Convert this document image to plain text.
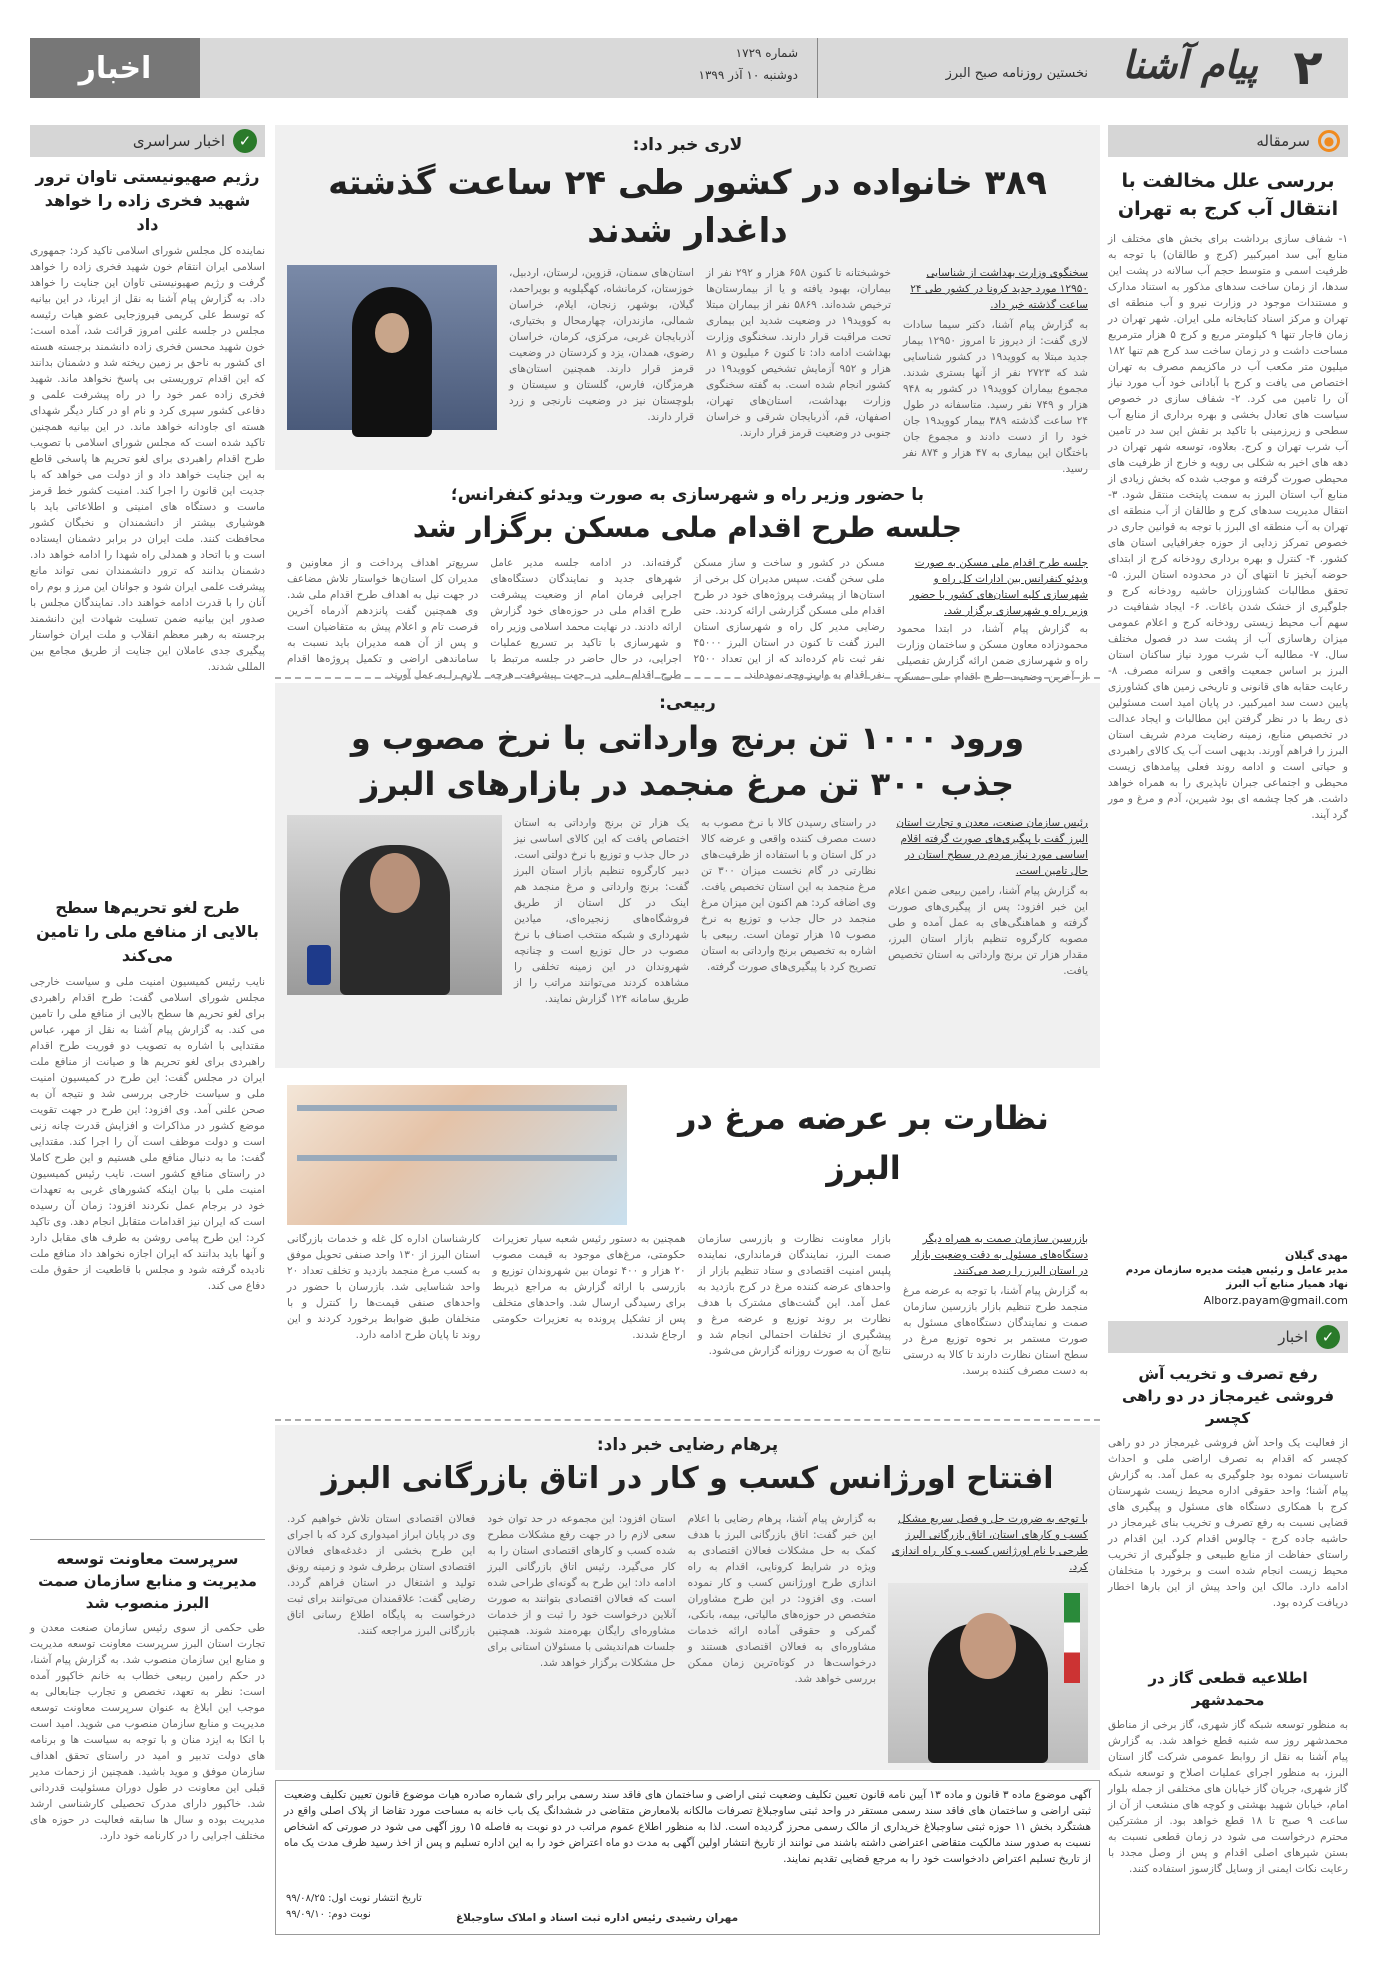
۲
پیام آشنا
نخستین روزنامه صبح البرز
شماره ۱۷۲۹
دوشنبه ۱۰ آذر ۱۳۹۹
اخبار
●
سرمقاله
بررسی علل مخالفت با انتقال آب کرج به تهران
۱- شفاف سازی برداشت برای بخش های مختلف از منابع آبی سد امیرکبیر (کرج و طالقان) با توجه به ظرفیت اسمی و متوسط حجم آب سالانه در پشت این سدها، از زمان ساخت سدهای مذکور به استناد مدارک و مستندات موجود در وزارت نیرو و آب منطقه ای تهران و مرکز اسناد کتابخانه ملی ایران. شهر تهران در زمان فاجار تنها ۹ کیلومتر مربع و کرج ۵ هزار مترمربع مساحت داشت و در زمان ساخت سد کرج هم تنها ۱۸۲ میلیون متر مکعب آب در ماکزیمم مصرف به تهران اختصاص می یافت و کرج با آبادانی خود آب مورد نیاز آن را تامین می کرد. ۲- شفاف سازی در خصوص سیاست های تعادل بخشی و بهره برداری از منابع آب سطحی و زیرزمینی با تاکید بر نقش این سد در تامین آب شرب تهران و کرج. بعلاوه، توسعه شهر تهران در دهه های اخیر به شکلی بی رویه و خارج از ظرفیت های محیطی صورت گرفته و موجب شده که بخش زیادی از منابع آب استان البرز به سمت پایتخت منتقل شود. ۳- انتقال مدیریت سدهای کرج و طالقان از آب منطقه ای تهران به آب منطقه ای البرز با توجه به قوانین جاری در خصوص تمرکز زدایی از حوزه جغرافیایی استان های کشور. ۴- کنترل و بهره برداری رودخانه کرج از ابتدای حوضه آبخیز تا انتهای آن در محدوده استان البرز. ۵- تحقق مطالبات کشاورزان حاشیه رودخانه کرج و جلوگیری از خشک شدن باغات. ۶- ایجاد شفافیت در سهم آب محیط زیستی رودخانه کرج و اعلام عمومی میزان رهاسازی آب از پشت سد در فصول مختلف سال. ۷- مطالبه آب شرب مورد نیاز ساکنان استان البرز بر اساس جمعیت واقعی و سرانه مصرف. ۸- رعایت حقابه های قانونی و تاریخی زمین های کشاورزی پایین دست سد امیرکبیر. در پایان امید است مسئولین ذی ربط با در نظر گرفتن این مطالبات و ایجاد عدالت در تخصیص منابع، زمینه رضایت مردم شریف استان البرز را فراهم آورند. بدیهی است آب یک کالای راهبردی و حیاتی است و ادامه روند فعلی پیامدهای زیست محیطی و اجتماعی جبران ناپذیری را به همراه خواهد داشت. هر کجا چشمه ای بود شیرین، آدم و مرغ و مور گرد آیند.
مهدی گیلان
مدیر عامل و رئیس هیئت مدیره سازمان مردم نهاد همیار منابع آب البرز
Alborz.payam@gmail.com
✓
اخبار
رفع تصرف و تخریب آش فروشی غیرمجاز در دو راهی کچسر
از فعالیت یک واحد آش فروشی غیرمجاز در دو راهی کچسر که اقدام به تصرف اراضی ملی و احداث تاسیسات نموده بود جلوگیری به عمل آمد. به گزارش پیام آشنا؛ واحد حقوقی اداره محیط زیست شهرستان کرج با همکاری دستگاه های مسئول و پیگیری های قضایی نسبت به رفع تصرف و تخریب بنای غیرمجاز در حاشیه جاده کرج - چالوس اقدام کرد. این اقدام در راستای حفاظت از منابع طبیعی و جلوگیری از تخریب محیط زیست انجام شده است و برخورد با متخلفان ادامه دارد. مالک این واحد پیش از این بارها اخطار دریافت کرده بود.
اطلاعیه قطعی گاز در محمدشهر
به منظور توسعه شبکه گاز شهری، گاز برخی از مناطق محمدشهر روز سه شنبه قطع خواهد شد. به گزارش پیام آشنا به نقل از روابط عمومی شرکت گاز استان البرز، به منظور اجرای عملیات اصلاح و توسعه شبکه گاز شهری، جریان گاز خیابان های مختلفی از جمله بلوار امام، خیابان شهید بهشتی و کوچه های منشعب از آن از ساعت ۹ صبح تا ۱۸ قطع خواهد بود. از مشترکین محترم درخواست می شود در زمان قطعی نسبت به بستن شیرهای اصلی اقدام و پس از وصل مجدد با رعایت نکات ایمنی از وسایل گازسوز استفاده کنند.
✓
اخبار سراسری
رژیم صهیونیستی تاوان ترور شهید فخری زاده را خواهد داد
نماینده کل مجلس شورای اسلامی تاکید کرد: جمهوری اسلامی ایران انتقام خون شهید فخری زاده را خواهد گرفت و رژیم صهیونیستی تاوان این جنایت را خواهد داد. به گزارش پیام آشنا به نقل از ایرنا، در این بیانیه که توسط علی کریمی فیروزجایی عضو هیات رئیسه مجلس در جلسه علنی امروز قرائت شد، آمده است: خون شهید محسن فخری زاده دانشمند برجسته هسته ای کشور به ناحق بر زمین ریخته شد و دشمنان بدانند که این اقدام تروریستی بی پاسخ نخواهد ماند. شهید فخری زاده عمر خود را در راه پیشرفت علمی و دفاعی کشور سپری کرد و نام او در کنار دیگر شهدای هسته ای جاودانه خواهد ماند. در این بیانیه همچنین تاکید شده است که مجلس شورای اسلامی با تصویب طرح اقدام راهبردی برای لغو تحریم ها پاسخی قاطع به این جنایت خواهد داد و از دولت می خواهد که با جدیت این قانون را اجرا کند. امنیت کشور خط قرمز ماست و دستگاه های امنیتی و اطلاعاتی باید با هوشیاری بیشتر از دانشمندان و نخبگان کشور محافظت کنند. ملت ایران در برابر دشمنان ایستاده است و با اتحاد و همدلی راه شهدا را ادامه خواهد داد. دشمنان بدانند که ترور دانشمندان نمی تواند مانع پیشرفت علمی ایران شود و جوانان این مرز و بوم راه آنان را با قدرت ادامه خواهند داد. نمایندگان مجلس با صدور این بیانیه ضمن تسلیت شهادت این دانشمند برجسته به رهبر معظم انقلاب و ملت ایران خواستار پیگیری جدی عاملان این جنایت از طریق مجامع بین المللی شدند.
طرح لغو تحریم‌ها سطح بالایی از منافع ملی را تامین می‌کند
نایب رئیس کمیسیون امنیت ملی و سیاست خارجی مجلس شورای اسلامی گفت: طرح اقدام راهبردی برای لغو تحریم ها سطح بالایی از منافع ملی را تامین می کند. به گزارش پیام آشنا به نقل از مهر، عباس مقتدایی با اشاره به تصویب دو فوریت طرح اقدام راهبردی برای لغو تحریم ها و صیانت از منافع ملت ایران در مجلس گفت: این طرح در کمیسیون امنیت ملی و سیاست خارجی بررسی شد و نتیجه آن به صحن علنی آمد. وی افزود: این طرح در جهت تقویت موضع کشور در مذاکرات و افزایش قدرت چانه زنی است و دولت موظف است آن را اجرا کند. مقتدایی گفت: ما به دنبال منافع ملی هستیم و این طرح کاملا در راستای منافع کشور است. نایب رئیس کمیسیون امنیت ملی با بیان اینکه کشورهای غربی به تعهدات خود در برجام عمل نکردند افزود: زمان آن رسیده است که ایران نیز اقدامات متقابل انجام دهد. وی تاکید کرد: این طرح پیامی روشن به طرف های مقابل دارد و آنها باید بدانند که ایران اجازه نخواهد داد منافع ملت نادیده گرفته شود و مجلس با قاطعیت از حقوق ملت دفاع می کند.
سرپرست معاونت توسعه مدیریت و منابع سازمان صمت البرز منصوب شد
طی حکمی از سوی رئیس سازمان صنعت معدن و تجارت استان البرز سرپرست معاونت توسعه مدیریت و منابع این سازمان منصوب شد. به گزارش پیام آشنا، در حکم رامین ربیعی خطاب به خانم خاکپور آمده است: نظر به تعهد، تخصص و تجارب جنابعالی به موجب این ابلاغ به عنوان سرپرست معاونت توسعه مدیریت و منابع سازمان منصوب می شوید. امید است با اتکا به ایزد منان و با توجه به سیاست ها و برنامه های دولت تدبیر و امید در راستای تحقق اهداف سازمان موفق و موید باشید. همچنین از زحمات مدیر قبلی این معاونت در طول دوران مسئولیت قدردانی شد. خاکپور دارای مدرک تحصیلی کارشناسی ارشد مدیریت بوده و سال ها سابقه فعالیت در حوزه های مختلف اجرایی را در کارنامه خود دارد.
لاری خبر داد:
۳۸۹ خانواده در کشور طی ۲۴ ساعت گذشته داغدار شدند
سخنگوی وزارت بهداشت از شناسایی ۱۲۹۵۰ مورد جدید کرونا در کشور طی ۲۴ ساعت گذشته خبر داد.
به گزارش پیام آشنا، دکتر سیما سادات لاری گفت: از دیروز تا امروز ۱۲۹۵۰ بیمار جدید مبتلا به کووید۱۹ در کشور شناسایی شد که ۲۷۲۳ نفر از آنها بستری شدند. مجموع بیماران کووید۱۹ در کشور به ۹۴۸ هزار و ۷۴۹ نفر رسید. متاسفانه در طول ۲۴ ساعت گذشته ۳۸۹ بیمار کووید۱۹ جان خود را از دست دادند و مجموع جان باختگان این بیماری به ۴۷ هزار و ۸۷۴ نفر رسید.
خوشبختانه تا کنون ۶۵۸ هزار و ۲۹۲ نفر از بیماران، بهبود یافته و یا از بیمارستان‌ها ترخیص شده‌اند. ۵۸۶۹ نفر از بیماران مبتلا به کووید۱۹ در وضعیت شدید این بیماری تحت مراقبت قرار دارند. سخنگوی وزارت بهداشت ادامه داد: تا کنون ۶ میلیون و ۸۱ هزار و ۹۵۲ آزمایش تشخیص کووید۱۹ در کشور انجام شده است. به گفته سخنگوی وزارت بهداشت، استان‌های تهران، اصفهان، قم، آذربایجان شرقی و خراسان جنوبی در وضعیت قرمز قرار دارند.
استان‌های سمنان، قزوین، لرستان، اردبیل، خوزستان، کرمانشاه، کهگیلویه و بویراحمد، گیلان، بوشهر، زنجان، ایلام، خراسان شمالی، مازندران، چهارمحال و بختیاری، آذربایجان غربی، مرکزی، کرمان، خراسان رضوی، همدان، یزد و کردستان در وضعیت قرمز قرار دارند. همچنین استان‌های هرمزگان، فارس، گلستان و سیستان و بلوچستان نیز در وضعیت نارنجی و زرد قرار دارند.
با حضور وزیر راه و شهرسازی به صورت ویدئو کنفرانس؛
جلسه طرح اقدام ملی مسکن برگزار شد
جلسه طرح اقدام ملی مسکن به صورت ویدئو کنفرانس بین ادارات کل راه و شهرسازی کلیه استان‌های کشور با حضور وزیر راه و شهرسازی برگزار شد.
به گزارش پیام آشنا، در ابتدا محمود محمودزاده معاون مسکن و ساختمان وزارت راه و شهرسازی ضمن ارائه گزارش تفصیلی از آخرین وضعیت طرح اقدام ملی مسکن
مسکن در کشور و ساخت و ساز مسکن ملی سخن گفت. سپس مدیران کل برخی از استان‌ها از پیشرفت پروژه‌های خود در طرح اقدام ملی مسکن گزارشی ارائه کردند. حتی رضایی مدیر کل راه و شهرسازی استان البرز گفت تا کنون در استان البرز ۴۵۰۰۰ نفر ثبت نام کرده‌اند که از این تعداد ۲۵۰۰ نفر اقدام به واریز وجه نموده‌اند.
گرفته‌اند. در ادامه جلسه مدیر عامل شهرهای جدید و نمایندگان دستگاه‌های اجرایی فرمان امام از وضعیت پیشرفت طرح اقدام ملی در حوزه‌های خود گزارش ارائه دادند. در نهایت محمد اسلامی وزیر راه و شهرسازی با تاکید بر تسریع عملیات اجرایی، در حال حاضر در جلسه مرتبط با طرح اقدام ملی در جهت پیشرفت هرچه
سریع‌تر اهداف پرداخت و از معاونین و مدیران کل استان‌ها خواستار تلاش مضاعف در جهت نیل به اهداف طرح اقدام ملی شد. وی همچنین گفت پانزدهم آذرماه آخرین فرصت تام و اعلام پیش به متقاضیان است و پس از آن همه مدیران باید نسبت به ساماندهی اراضی و تکمیل پروژه‌ها اقدام لازم را به عمل آورند.
ربیعی:
ورود ۱۰۰۰ تن برنج وارداتی با نرخ مصوب و جذب ۳۰۰ تن مرغ منجمد در بازارهای البرز
رئیس سازمان صنعت، معدن و تجارت استان البرز گفت با پیگیری‌های صورت گرفته اقلام اساسی مورد نیاز مردم در سطح استان در حال تامین است.
به گزارش پیام آشنا، رامین ربیعی ضمن اعلام این خبر افزود: پس از پیگیری‌های صورت گرفته و هماهنگی‌های به عمل آمده و طی مصوبه کارگروه تنظیم بازار استان البرز، مقدار هزار تن برنج وارداتی به استان تخصیص یافت.
در راستای رسیدن کالا با نرخ مصوب به دست مصرف کننده واقعی و عرضه کالا در کل استان و با استفاده از ظرفیت‌های نظارتی در گام نخست میزان ۳۰۰ تن مرغ منجمد به این استان تخصیص یافت. وی اضافه کرد: هم اکنون این میزان مرغ منجمد در حال جذب و توزیع به نرخ مصوب ۱۵ هزار تومان است. ربیعی با اشاره به تخصیص برنج وارداتی به استان تصریح کرد با پیگیری‌های صورت گرفته.
یک هزار تن برنج وارداتی به استان اختصاص یافت که این کالای اساسی نیز در حال جذب و توزیع با نرخ دولتی است. دبیر کارگروه تنظیم بازار استان البرز گفت: برنج وارداتی و مرغ منجمد هم اینک در کل استان از طریق فروشگاه‌های زنجیره‌ای، میادین شهرداری و شبکه منتخب اصناف با نرخ مصوب در حال توزیع است و چنانچه شهروندان در این زمینه تخلفی را مشاهده کردند می‌توانند مراتب را از طریق سامانه ۱۲۴ گزارش نمایند.
نظارت بر عرضه مرغ در البرز
بازرسین سازمان صمت به همراه دیگر دستگاه‌های مسئول به دقت وضعیت بازار در استان البرز را رصد می‌کنند.
به گزارش پیام آشنا، با توجه به عرضه مرغ منجمد طرح تنظیم بازار بازرسین سازمان صمت و نمایندگان دستگاه‌های مسئول به صورت مستمر بر نحوه توزیع مرغ در سطح استان نظارت دارند تا کالا به درستی به دست مصرف کننده برسد.
بازار معاونت نظارت و بازرسی سازمان صمت البرز، نمایندگان فرمانداری، نماینده پلیس امنیت اقتصادی و ستاد تنظیم بازار از واحدهای عرضه کننده مرغ در کرج بازدید به عمل آمد. این گشت‌های مشترک با هدف نظارت بر روند توزیع و عرضه مرغ و پیشگیری از تخلفات احتمالی انجام شد و نتایج آن به صورت روزانه گزارش می‌شود.
همچنین به دستور رئیس شعبه سیار تعزیرات حکومتی، مرغ‌های موجود به قیمت مصوب ۲۰ هزار و ۴۰۰ تومان بین شهروندان توزیع و بازرسی با ارائه گزارش به مراجع ذیربط برای رسیدگی ارسال شد. واحدهای متخلف پس از تشکیل پرونده به تعزیرات حکومتی ارجاع شدند.
کارشناسان اداره کل غله و خدمات بازرگانی استان البرز از ۱۳۰ واحد صنفی تحویل موفق به کسب مرغ منجمد بازدید و تخلف تعداد ۲۰ واحد شناسایی شد. بازرسان با حضور در واحدهای صنفی قیمت‌ها را کنترل و با متخلفان طبق ضوابط برخورد کردند و این روند تا پایان طرح ادامه دارد.
پرهام رضایی خبر داد:
افتتاح اورژانس کسب و کار در اتاق بازرگانی البرز
با توجه به ضرورت حل و فصل سریع مشکل کسب و کارهای استان، اتاق بازرگانی البرز طرحی با نام اورژانس کسب و کار راه اندازی کرد.
به گزارش پیام آشنا، پرهام رضایی با اعلام این خبر گفت: اتاق بازرگانی البرز با هدف کمک به حل مشکلات فعالان اقتصادی به ویژه در شرایط کرونایی، اقدام به راه اندازی طرح اورژانس کسب و کار نموده است. وی افزود: در این طرح مشاوران متخصص در حوزه‌های مالیاتی، بیمه، بانکی، گمرکی و حقوقی آماده ارائه خدمات مشاوره‌ای به فعالان اقتصادی هستند و درخواست‌ها در کوتاه‌ترین زمان ممکن بررسی خواهد شد.
استان افزود: این مجموعه در حد توان خود سعی لازم را در جهت رفع مشکلات مطرح شده کسب و کارهای اقتصادی استان را به کار می‌گیرد. رئیس اتاق بازرگانی البرز ادامه داد: این طرح به گونه‌ای طراحی شده است که فعالان اقتصادی بتوانند به صورت آنلاین درخواست خود را ثبت و از خدمات مشاوره‌ای رایگان بهره‌مند شوند. همچنین جلسات هم‌اندیشی با مسئولان استانی برای حل مشکلات برگزار خواهد شد.
فعالان اقتصادی استان تلاش خواهیم کرد. وی در پایان ابراز امیدواری کرد که با اجرای این طرح بخشی از دغدغه‌های فعالان اقتصادی استان برطرف شود و زمینه رونق تولید و اشتغال در استان فراهم گردد. رضایی گفت: علاقمندان می‌توانند برای ثبت درخواست به پایگاه اطلاع رسانی اتاق بازرگانی البرز مراجعه کنند.
آگهی موضوع ماده ۳ قانون و ماده ۱۳ آیین نامه قانون تعیین تکلیف وضعیت ثبتی اراضی و ساختمان های فاقد سند رسمی برابر رای شماره صادره هیات موضوع قانون تعیین تکلیف وضعیت ثبتی اراضی و ساختمان های فاقد سند رسمی مستقر در واحد ثبتی ساوجبلاغ تصرفات مالکانه بلامعارض متقاضی در ششدانگ یک باب خانه به مساحت مورد تقاضا از پلاک اصلی واقع در هشتگرد بخش ۱۱ حوزه ثبتی ساوجبلاغ خریداری از مالک رسمی محرز گردیده است. لذا به منظور اطلاع عموم مراتب در دو نوبت به فاصله ۱۵ روز آگهی می شود در صورتی که اشخاص نسبت به صدور سند مالکیت متقاضی اعتراضی داشته باشند می توانند از تاریخ انتشار اولین آگهی به مدت دو ماه اعتراض خود را به این اداره تسلیم و پس از اخذ رسید ظرف مدت یک ماه از تاریخ تسلیم اعتراض دادخواست خود را به مرجع قضایی تقدیم نمایند.
تاریخ انتشار نوبت اول: ۹۹/۰۸/۲۵
نوبت دوم: ۹۹/۰۹/۱۰	مهران رشیدی رئیس اداره ثبت اسناد و املاک ساوجبلاغ
